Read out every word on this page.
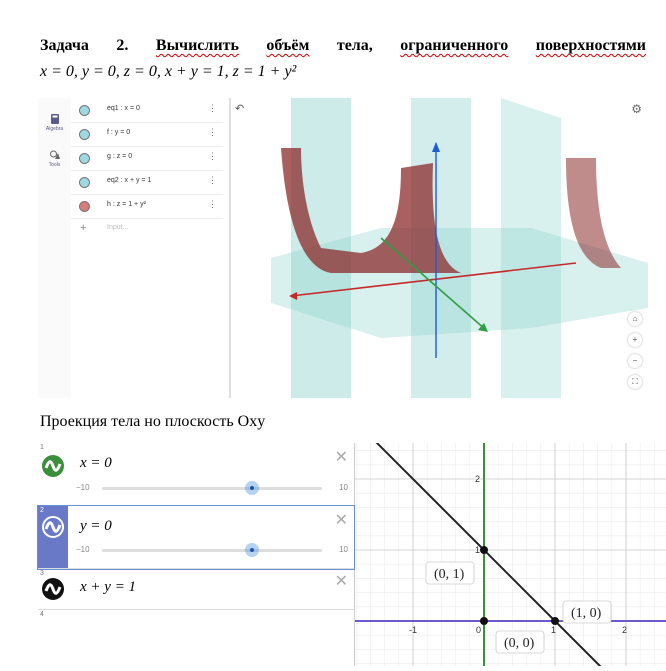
Задача 2. Вычислить объём тела, ограниченного поверхностями
x = 0, y = 0, z = 0, x + y = 1, z = 1 + y²
Algebra
Tools
eq1 : x = 0	⋮
f : y = 0	⋮
g : z = 0	⋮
eq2 : x + y = 1	⋮
h : z = 1 + y²	⋮
+	Input...
↶	⚙
⌂
+
−
⛶
Проекция тела но плоскость Oxy
1
x = 0	✕
−10	10
2
y = 0	✕
−10	10
3
x + y = 1	✕
4
-1	0	1	2
2
1
(0, 1)
(1, 0)
(0, 0)
